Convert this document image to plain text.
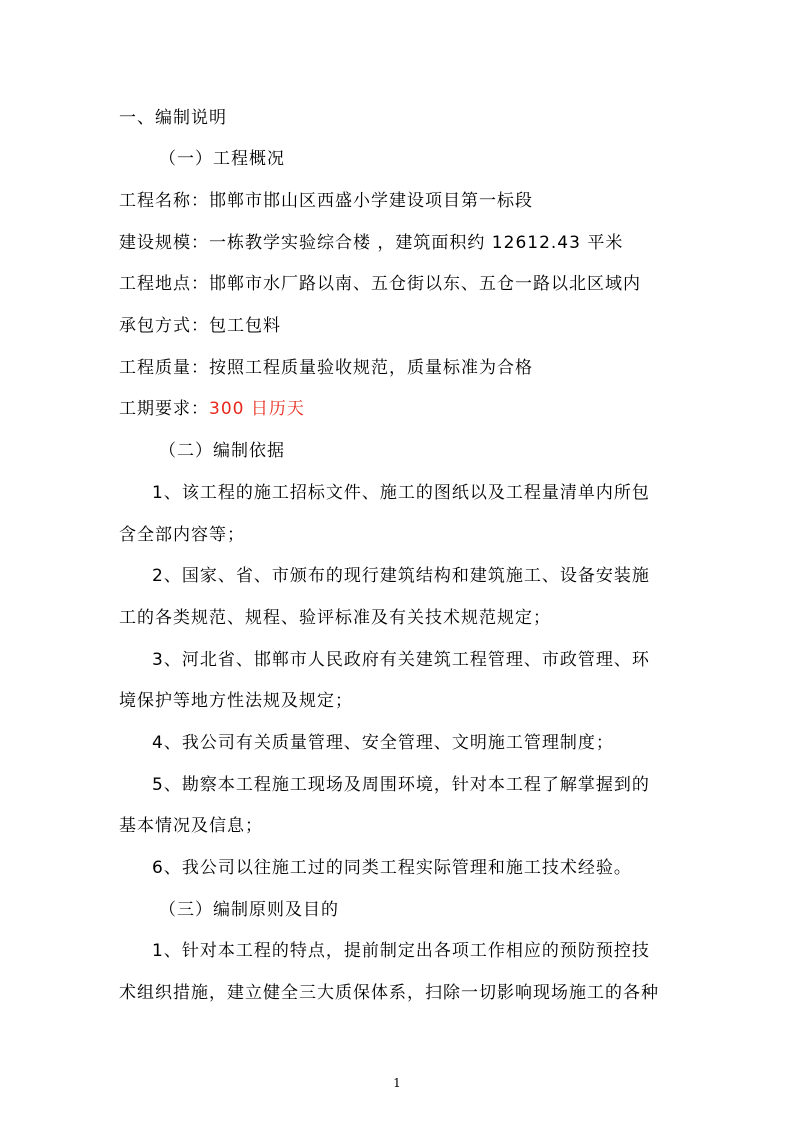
一、编制说明
（一）工程概况
工程名称：邯郸市邯山区西盛小学建设项目第一标段
建设规模：一栋教学实验综合楼 ，建筑面积约 12612.43 平米
工程地点：邯郸市水厂路以南、五仓街以东、五仓一路以北区域内
承包方式：包工包料
工程质量：按照工程质量验收规范，质量标准为合格
工期要求：300 日历天
（二）编制依据
1、该工程的施工招标文件、施工的图纸以及工程量清单内所包
含全部内容等；
2、国家、省、市颁布的现行建筑结构和建筑施工、设备安装施
工的各类规范、规程、验评标准及有关技术规范规定；
3、河北省、邯郸市人民政府有关建筑工程管理、市政管理、环
境保护等地方性法规及规定；
4、我公司有关质量管理、安全管理、文明施工管理制度；
5、勘察本工程施工现场及周围环境，针对本工程了解掌握到的
基本情况及信息；
6、我公司以往施工过的同类工程实际管理和施工技术经验。
（三）编制原则及目的
1、针对本工程的特点，提前制定出各项工作相应的预防预控技
术组织措施，建立健全三大质保体系，扫除一切影响现场施工的各种
1
